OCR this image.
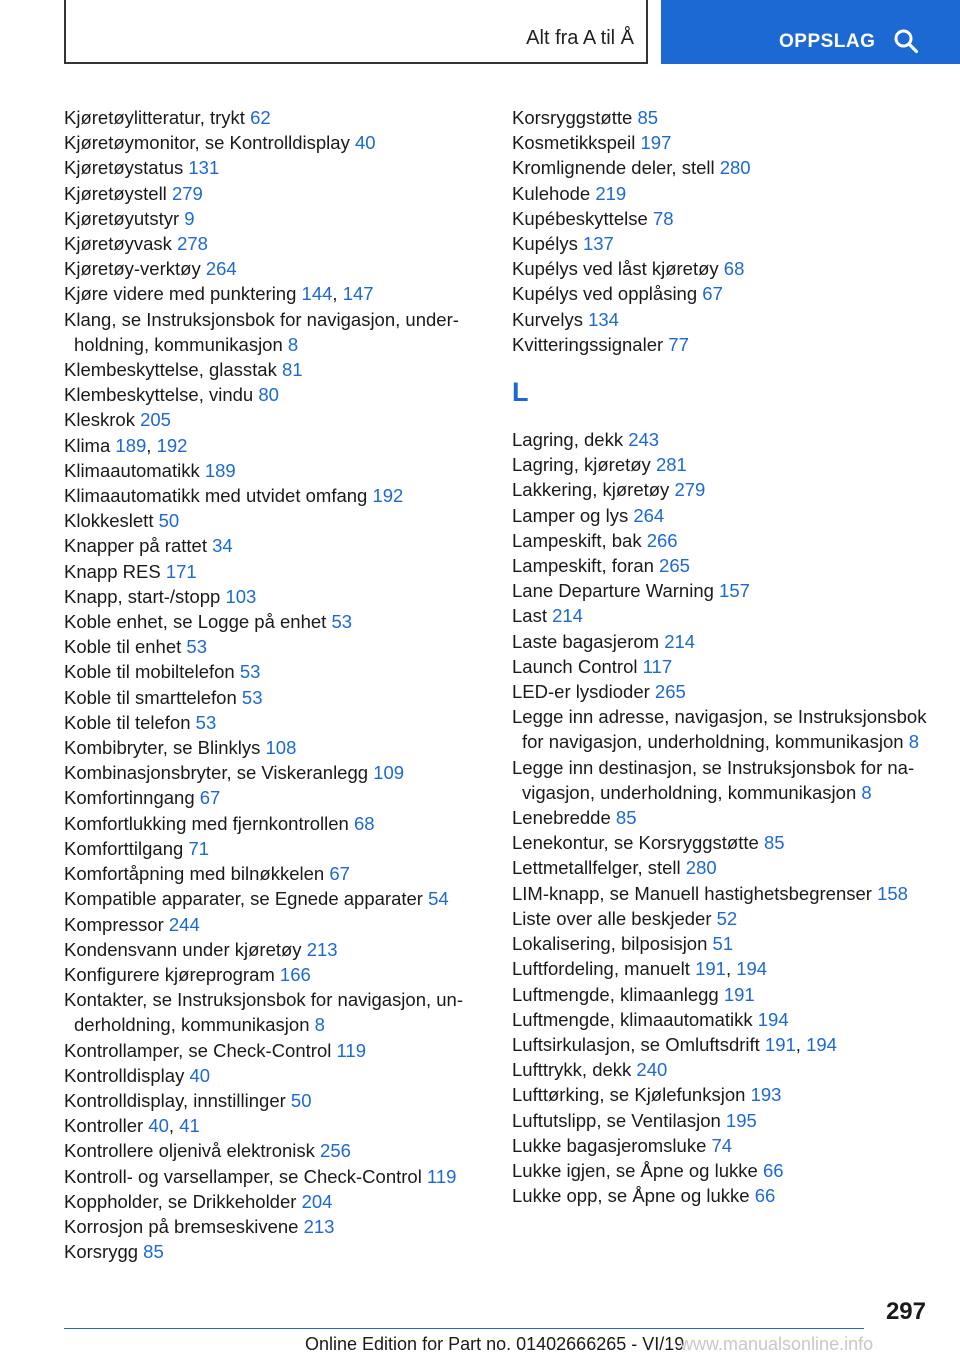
Alt fra A til Å	OPPSLAG
Kjøretøylitteratur, trykt 62
Kjøretøymonitor, se Kontrolldisplay 40
Kjøretøystatus 131
Kjøretøystell 279
Kjøretøyutstyr 9
Kjøretøyvask 278
Kjøretøy-verktøy 264
Kjøre videre med punktering 144, 147
Klang, se Instruksjonsbok for navigasjon, underholdning, kommunikasjon 8
Klembeskyttelse, glasstak 81
Klembeskyttelse, vindu 80
Kleskrok 205
Klima 189, 192
Klimaautomatikk 189
Klimaautomatikk med utvidet omfang 192
Klokkeslett 50
Knapper på rattet 34
Knapp RES 171
Knapp, start-/stopp 103
Koble enhet, se Logge på enhet 53
Koble til enhet 53
Koble til mobiltelefon 53
Koble til smarttelefon 53
Koble til telefon 53
Kombibryter, se Blinklys 108
Kombinasjonsbryter, se Viskeranlegg 109
Komfortinngang 67
Komfortlukking med fjernkontrollen 68
Komforttilgang 71
Komfortåpning med bilnøkkelen 67
Kompatible apparater, se Egnede apparater 54
Kompressor 244
Kondensvann under kjøretøy 213
Konfigurere kjøreprogram 166
Kontakter, se Instruksjonsbok for navigasjon, underholdning, kommunikasjon 8
Kontrollamper, se Check-Control 119
Kontrolldisplay 40
Kontrolldisplay, innstillinger 50
Kontroller 40, 41
Kontrollere oljenivå elektronisk 256
Kontroll- og varsellamper, se Check-Control 119
Koppholder, se Drikkeholder 204
Korrosjon på bremseskivene 213
Korsrygg 85
Korsryggstøtte 85
Kosmetikkspeil 197
Kromlignende deler, stell 280
Kulehode 219
Kupébeskyttelse 78
Kupélys 137
Kupélys ved låst kjøretøy 68
Kupélys ved opplåsing 67
Kurvelys 134
Kvitteringssignaler 77
L
Lagring, dekk 243
Lagring, kjøretøy 281
Lakkering, kjøretøy 279
Lamper og lys 264
Lampeskift, bak 266
Lampeskift, foran 265
Lane Departure Warning 157
Last 214
Laste bagasjerom 214
Launch Control 117
LED-er lysdioder 265
Legge inn adresse, navigasjon, se Instruksjonsbok for navigasjon, underholdning, kommunikasjon 8
Legge inn destinasjon, se Instruksjonsbok for navigasjon, underholdning, kommunikasjon 8
Lenebredde 85
Lenekontur, se Korsryggstøtte 85
Lettmetallfelger, stell 280
LIM-knapp, se Manuell hastighetsbegrenser 158
Liste over alle beskjeder 52
Lokalisering, bilposisjon 51
Luftfordeling, manuelt 191, 194
Luftmengde, klimaanlegg 191
Luftmengde, klimaautomatikk 194
Luftsirkulasjon, se Omluftsdrift 191, 194
Lufttrykk, dekk 240
Lufttørking, se Kjølefunksjon 193
Luftutslipp, se Ventilasjon 195
Lukke bagasjeromsluke 74
Lukke igjen, se Åpne og lukke 66
Lukke opp, se Åpne og lukke 66
297
Online Edition for Part no. 01402666265 - VI/19
www.manualsonline.info
